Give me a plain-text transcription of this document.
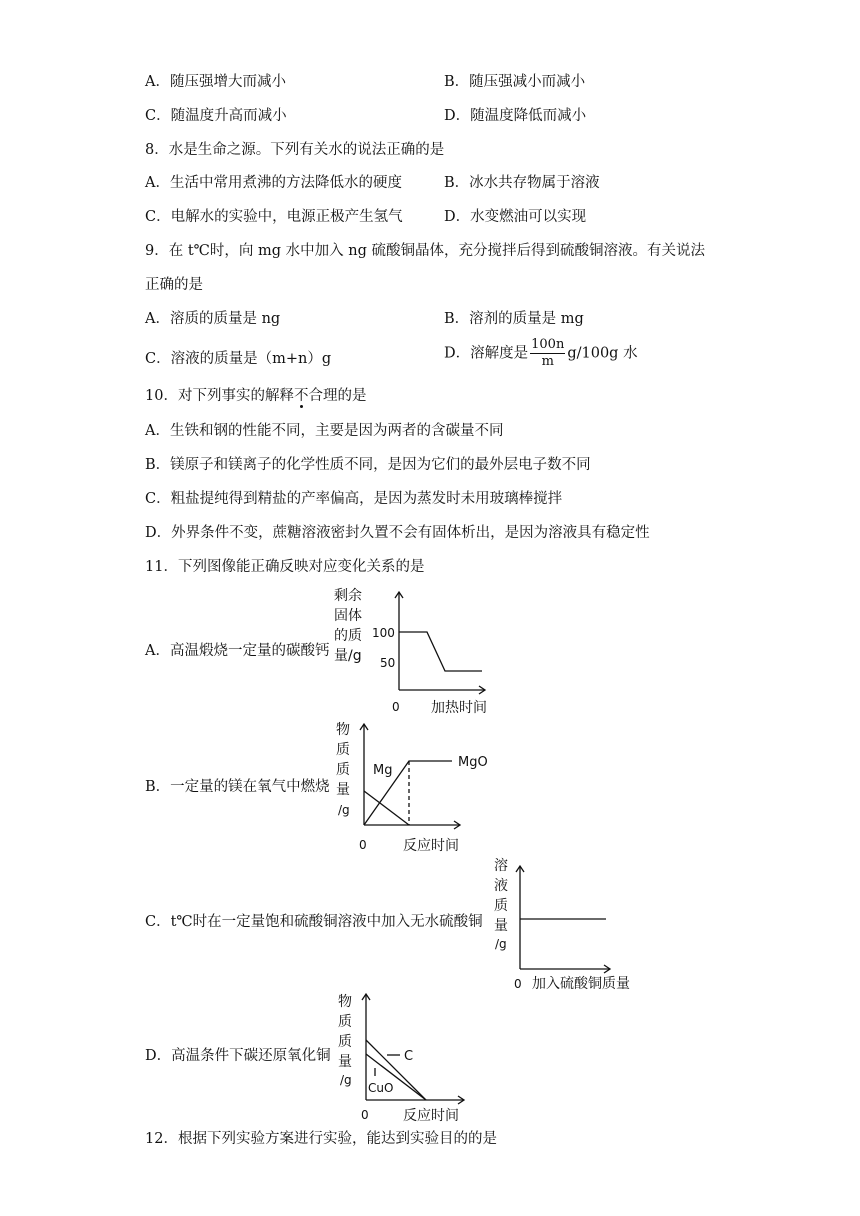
A．随压强增大而减小	B．随压强减小而减小
C．随温度升高而减小	D．随温度降低而减小
8．水是生命之源。下列有关水的说法正确的是
A．生活中常用煮沸的方法降低水的硬度	B．冰水共存物属于溶液
C．电解水的实验中，电源正极产生氢气	D．水变燃油可以实现
9．在 t℃时，向 mg 水中加入 ng 硫酸铜晶体，充分搅拌后得到硫酸铜溶液。有关说法
正确的是
A．溶质的质量是 ng	B．溶剂的质量是 mg
C．溶液的质量是（m+n）g	D．溶解度是 $\frac{100n}{m} g/100g$ 水
10．对下列事实的解释不合理的是
A．生铁和钢的性能不同，主要是因为两者的含碳量不同
B．镁原子和镁离子的化学性质不同，是因为它们的最外层电子数不同
C．粗盐提纯得到精盐的产率偏高，是因为蒸发时未用玻璃棒搅拌
D．外界条件不变，蔗糖溶液密封久置不会有固体析出，是因为溶液具有稳定性
11．下列图像能正确反映对应变化关系的是
A．高温煅烧一定量的碳酸钙
剩余
固体
的质
量/g
100
50
0 加热时间
B．一定量的镁在氧气中燃烧
物
质
质
量
/g
Mg
MgO
0	反应时间
C．t℃时在一定量饱和硫酸铜溶液中加入无水硫酸铜
溶
液
质
量
/g
0 加入硫酸铜质量
D．高温条件下碳还原氧化铜
物
质
质
量
/g
C
CuO
0 反应时间
12．根据下列实验方案进行实验，能达到实验目的的是
